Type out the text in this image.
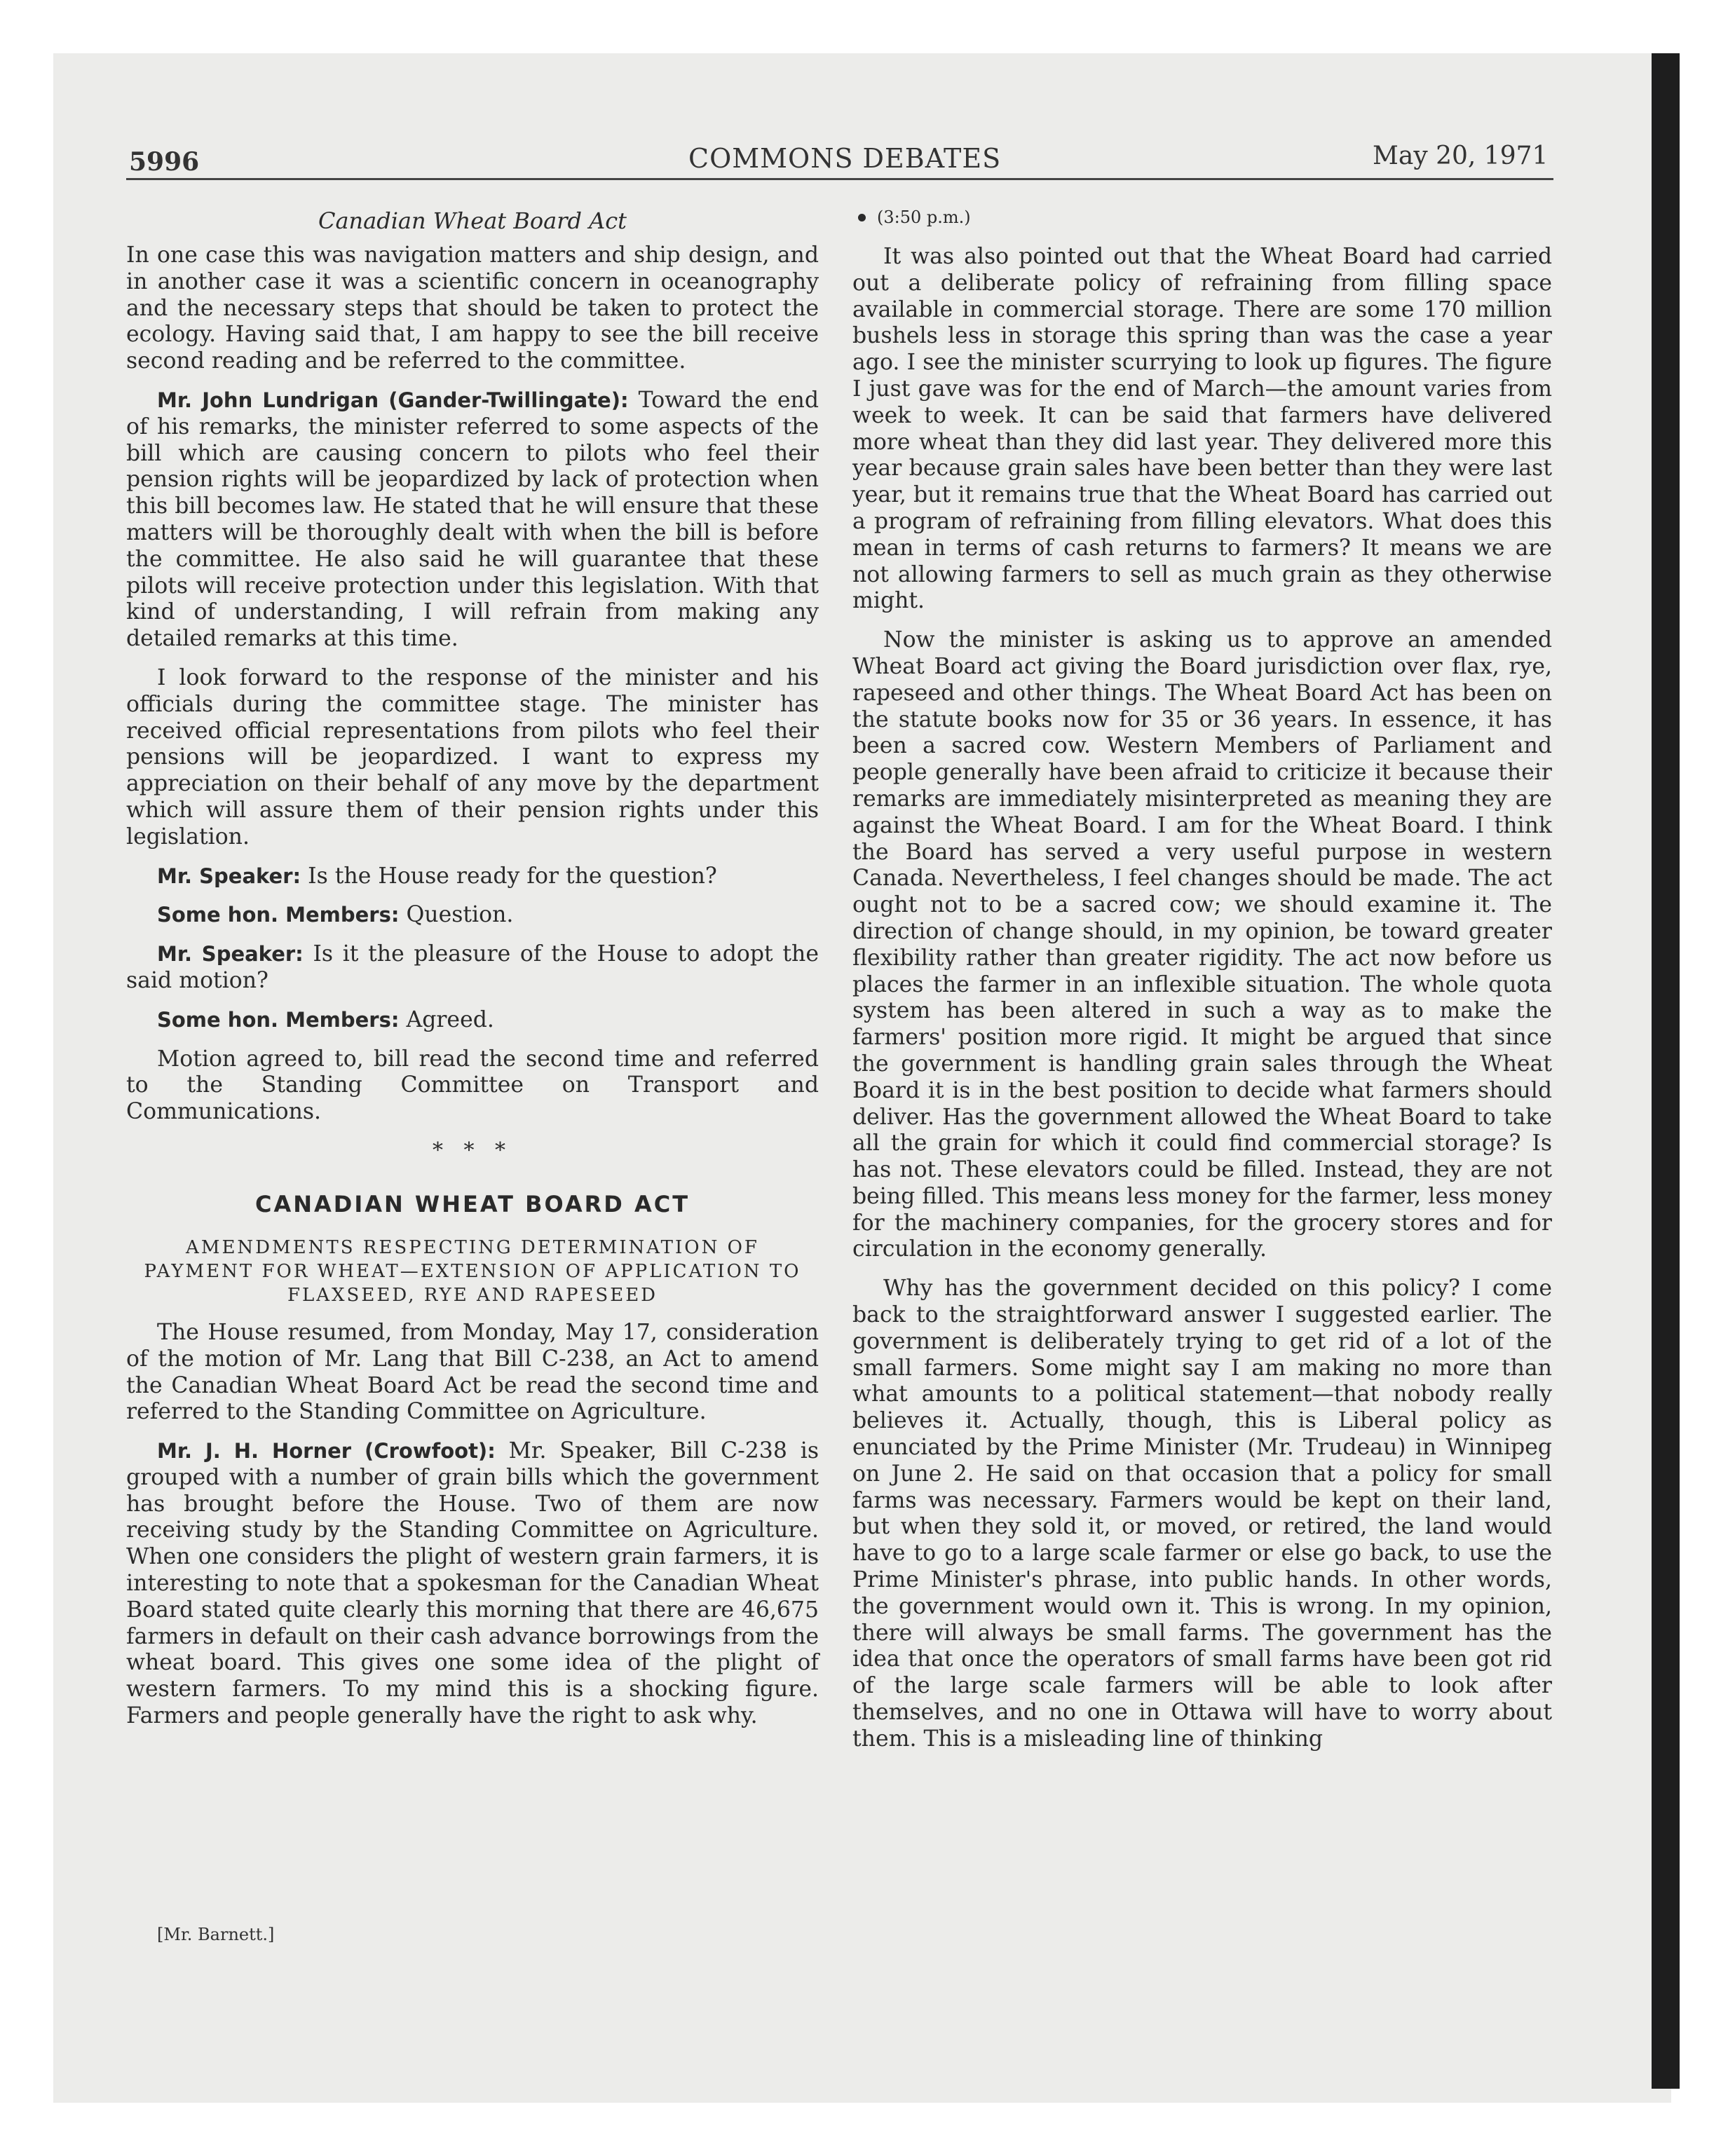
5996	COMMONS DEBATES	May 20, 1971
Canadian Wheat Board Act

In one case this was navigation matters and ship design, and in another case it was a scientific concern in oceanography and the necessary steps that should be taken to protect the ecology. Having said that, I am happy to see the bill receive second reading and be referred to the committee.

Mr. John Lundrigan (Gander-Twillingate): Toward the end of his remarks, the minister referred to some aspects of the bill which are causing concern to pilots who feel their pension rights will be jeopardized by lack of protection when this bill becomes law. He stated that he will ensure that these matters will be thoroughly dealt with when the bill is before the committee. He also said he will guarantee that these pilots will receive protection under this legislation. With that kind of understanding, I will refrain from making any detailed remarks at this time.

I look forward to the response of the minister and his officials during the committee stage. The minister has received official representations from pilots who feel their pensions will be jeopardized. I want to express my appreciation on their behalf of any move by the department which will assure them of their pension rights under this legislation.

Mr. Speaker: Is the House ready for the question?

Some hon. Members: Question.

Mr. Speaker: Is it the pleasure of the House to adopt the said motion?

Some hon. Members: Agreed.

Motion agreed to, bill read the second time and referred to the Standing Committee on Transport and Communications.

* * *
CANADIAN WHEAT BOARD ACT
AMENDMENTS RESPECTING DETERMINATION OF PAYMENT FOR WHEAT—EXTENSION OF APPLICATION TO FLAXSEED, RYE AND RAPESEED

The House resumed, from Monday, May 17, consideration of the motion of Mr. Lang that Bill C-238, an Act to amend the Canadian Wheat Board Act be read the second time and referred to the Standing Committee on Agriculture.

Mr. J. H. Horner (Crowfoot): Mr. Speaker, Bill C-238 is grouped with a number of grain bills which the government has brought before the House. Two of them are now receiving study by the Standing Committee on Agriculture. When one considers the plight of western grain farmers, it is interesting to note that a spokesman for the Canadian Wheat Board stated quite clearly this morning that there are 46,675 farmers in default on their cash advance borrowings from the wheat board. This gives one some idea of the plight of western farmers. To my mind this is a shocking figure. Farmers and people generally have the right to ask why.

[Mr. Barnett.]
(3:50 p.m.)

It was also pointed out that the Wheat Board had carried out a deliberate policy of refraining from filling space available in commercial storage. There are some 170 million bushels less in storage this spring than was the case a year ago. I see the minister scurrying to look up figures. The figure I just gave was for the end of March—the amount varies from week to week. It can be said that farmers have delivered more wheat than they did last year. They delivered more this year because grain sales have been better than they were last year, but it remains true that the Wheat Board has carried out a program of refraining from filling elevators. What does this mean in terms of cash returns to farmers? It means we are not allowing farmers to sell as much grain as they otherwise might.

Now the minister is asking us to approve an amended Wheat Board act giving the Board jurisdiction over flax, rye, rapeseed and other things. The Wheat Board Act has been on the statute books now for 35 or 36 years. In essence, it has been a sacred cow. Western Members of Parliament and people generally have been afraid to criticize it because their remarks are immediately misinterpreted as meaning they are against the Wheat Board. I am for the Wheat Board. I think the Board has served a very useful purpose in western Canada. Nevertheless, I feel changes should be made. The act ought not to be a sacred cow; we should examine it. The direction of change should, in my opinion, be toward greater flexibility rather than greater rigidity. The act now before us places the farmer in an inflexible situation. The whole quota system has been altered in such a way as to make the farmers' position more rigid. It might be argued that since the government is handling grain sales through the Wheat Board it is in the best position to decide what farmers should deliver. Has the government allowed the Wheat Board to take all the grain for which it could find commercial storage? Is has not. These elevators could be filled. Instead, they are not being filled. This means less money for the farmer, less money for the machinery companies, for the grocery stores and for circulation in the economy generally.

Why has the government decided on this policy? I come back to the straightforward answer I suggested earlier. The government is deliberately trying to get rid of a lot of the small farmers. Some might say I am making no more than what amounts to a political statement—that nobody really believes it. Actually, though, this is Liberal policy as enunciated by the Prime Minister (Mr. Trudeau) in Winnipeg on June 2. He said on that occasion that a policy for small farms was necessary. Farmers would be kept on their land, but when they sold it, or moved, or retired, the land would have to go to a large scale farmer or else go back, to use the Prime Minister's phrase, into public hands. In other words, the government would own it. This is wrong. In my opinion, there will always be small farms. The government has the idea that once the operators of small farms have been got rid of the large scale farmers will be able to look after themselves, and no one in Ottawa will have to worry about them. This is a misleading line of thinking
